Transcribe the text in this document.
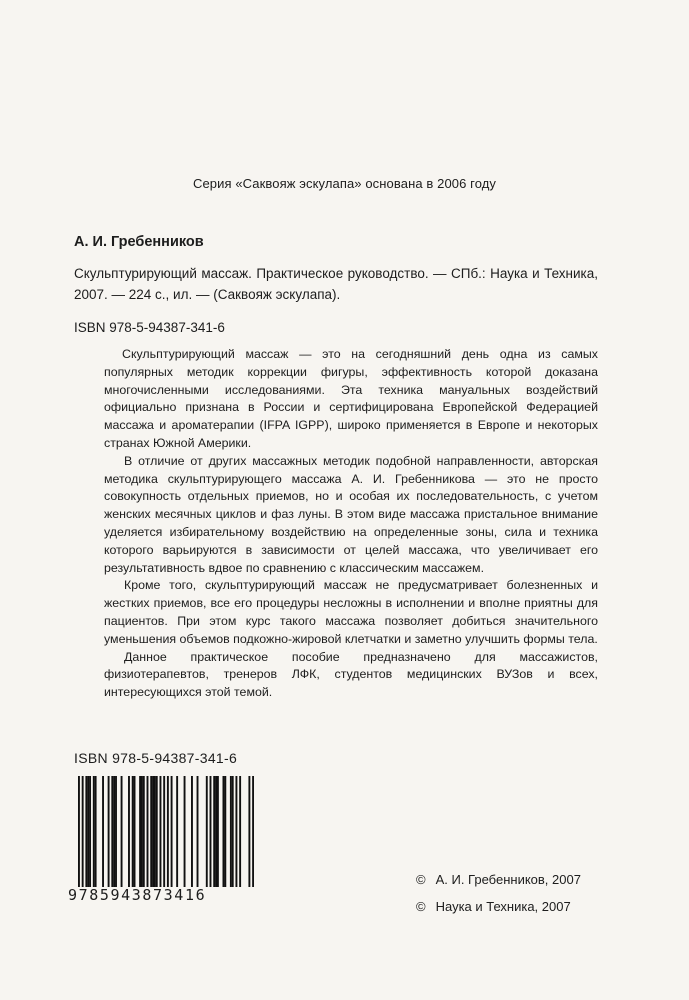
Серия «Саквояж эскулапа» основана в 2006 году
А. И. Гребенников
Скульптурирующий массаж. Практическое руководство. — СПб.: Наука и Техника, 2007. — 224 с., ил. — (Саквояж эскулапа).
ISBN 978-5-94387-341-6

Скульптурирующий массаж — это на сегодняшний день одна из самых популярных методик коррекции фигуры, эффективность которой доказана многочисленными исследованиями. Эта техника мануальных воздействий официально признана в России и сертифицирована Европейской Федерацией массажа и ароматерапии (IFPA IGPP), широко применяется в Европе и некоторых странах Южной Америки.

В отличие от других массажных методик подобной направленности, авторская методика скульптурирующего массажа А. И. Гребенникова — это не просто совокупность отдельных приемов, но и особая их последовательность, с учетом женских месячных циклов и фаз луны. В этом виде массажа пристальное внимание уделяется избирательному воздействию на определенные зоны, сила и техника которого варьируются в зависимости от целей массажа, что увеличивает его результативность вдвое по сравнению с классическим массажем.

Кроме того, скульптурирующий массаж не предусматривает болезненных и жестких приемов, все его процедуры несложны в исполнении и вполне приятны для пациентов. При этом курс такого массажа позволяет добиться значительного уменьшения объемов подкожно-жировой клетчатки и заметно улучшить формы тела.

Данное практическое пособие предназначено для массажистов, физиотерапевтов, тренеров ЛФК, студентов медицинских ВУЗов и всех, интересующихся этой темой.

ISBN 978-5-94387-341-6
9785943873416
© А. И. Гребенников, 2007
© Наука и Техника, 2007
